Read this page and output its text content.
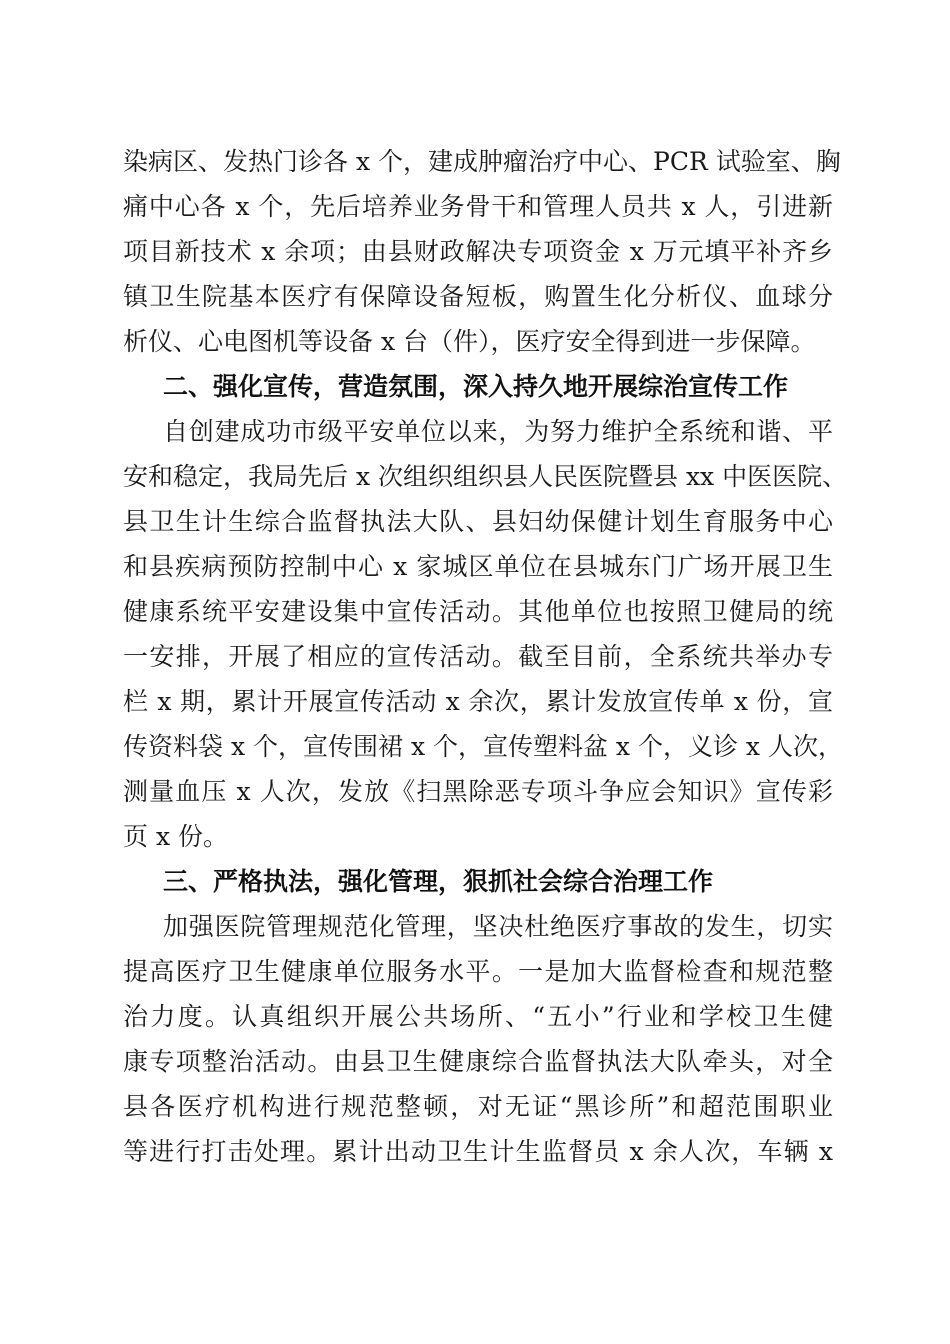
染病区、发热门诊各 x 个，建成肿瘤治疗中心、PCR 试验室、胸
痛中心各 x 个，先后培养业务骨干和管理人员共 x 人，引进新
项目新技术 x 余项；由县财政解决专项资金 x 万元填平补齐乡
镇卫生院基本医疗有保障设备短板，购置生化分析仪、血球分
析仪、心电图机等设备 x 台（件），医疗安全得到进一步保障。
二、强化宣传，营造氛围，深入持久地开展综治宣传工作
自创建成功市级平安单位以来，为努力维护全系统和谐、平
安和稳定，我局先后 x 次组织组织县人民医院暨县 xx 中医医院、
县卫生计生综合监督执法大队、县妇幼保健计划生育服务中心
和县疾病预防控制中心 x 家城区单位在县城东门广场开展卫生
健康系统平安建设集中宣传活动。其他单位也按照卫健局的统
一安排，开展了相应的宣传活动。截至目前，全系统共举办专
栏 x 期，累计开展宣传活动 x 余次，累计发放宣传单 x 份，宣
传资料袋 x 个，宣传围裙 x 个，宣传塑料盆 x 个，义诊 x 人次，
测量血压 x 人次，发放《扫黑除恶专项斗争应会知识》宣传彩
页 x 份。
三、严格执法，强化管理，狠抓社会综合治理工作
加强医院管理规范化管理，坚决杜绝医疗事故的发生，切实
提高医疗卫生健康单位服务水平。一是加大监督检查和规范整
治力度。认真组织开展公共场所、“五小”行业和学校卫生健
康专项整治活动。由县卫生健康综合监督执法大队牵头，对全
县各医疗机构进行规范整顿，对无证“黑诊所”和超范围职业
等进行打击处理。累计出动卫生计生监督员 x 余人次，车辆 x
